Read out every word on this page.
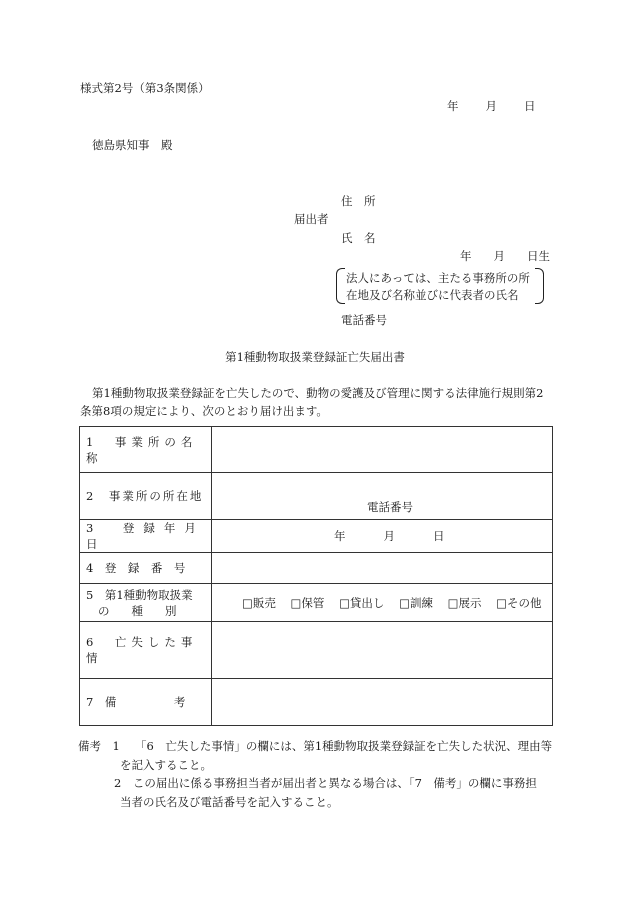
様式第2号（第3条関係）
年 月 日
徳島県知事　殿
住　所
届出者
氏　名
年 月 日生
法人にあっては、主たる事務所の所
在地及び名称並びに代表者の氏名
電話番号
第1種動物取扱業登録証亡失届出書
第1種動物取扱業登録証を亡失したので、動物の愛護及び管理に関する法律施行規則第2
条第8項の規定により、次のとおり届け出ます。
1　事業所の名称	
2　事業所の所在地	電話番号

3　登録年月日	年 月 日
4　登　録　番　号	

5　第1種動物取扱業
の種別	□販売 □保管 □貸出し □訓練 □展示 □その他
6　亡失した事情	
7　備　　　　　考	
備考　1 「6　亡失した事情」の欄には、第1種動物取扱業登録証を亡失した状況、理由等
を記入すること。
2　この届出に係る事務担当者が届出者と異なる場合は、「7　備考」の欄に事務担
当者の氏名及び電話番号を記入すること。
